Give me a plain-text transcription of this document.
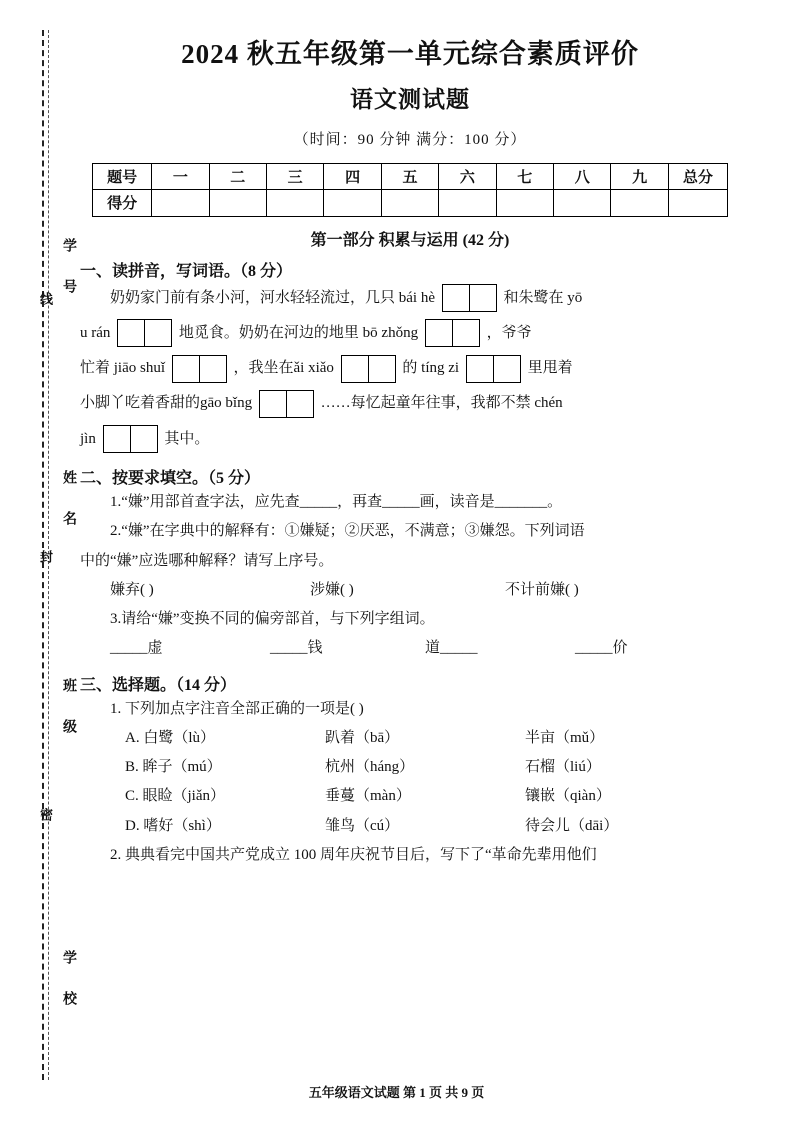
学 号
线
姓 名
封
班 级
密
学 校
2024 秋五年级第一单元综合素质评价
语文测试题
（时间：90 分钟 满分：100 分）
题号	一	二	三	四	五	六	七	八	九	总分
得分										
第一部分 积累与运用 (42 分)
一、读拼音，写词语。（8 分）
奶奶家门前有条小河，河水轻轻流过，几只 bái hè	和朱鹭在 yō
u rán	地觅食。奶奶在河边的地里 bō zhǒng	，爷爷
忙着 jiāo shuǐ	，我坐在ǎi xiǎo	的 tíng zi	里甩着
小脚丫吃着香甜的gāo bǐng	……每忆起童年往事，我都不禁 chén
jìn	其中。
二、按要求填空。（5 分）
1.“嫌”用部首查字法，应先查_____，再查_____画，读音是_______。
2.“嫌”在字典中的解释有：①嫌疑；②厌恶，不满意；③嫌怨。下列词语
中的“嫌”应选哪种解释？请写上序号。
嫌弃( )	涉嫌( )	不计前嫌( )
3.请给“嫌”变换不同的偏旁部首，与下列字组词。
_____虚	_____钱	道_____	_____价
三、选择题。（14 分）
1. 下列加点字注音全部正确的一项是( )
A. 白鹭（lù）	趴着（bā）	半亩（mǔ）
B. 眸子（mú）	杭州（háng）	石榴（liú）
C. 眼睑（jiǎn）	垂蔓（màn）	镶嵌（qiàn）
D. 嗜好（shì）	雏鸟（cú）	待会儿（dāi）
2. 典典看完中国共产党成立 100 周年庆祝节目后，写下了“革命先辈用他们
五年级语文试题 第 1 页 共 9 页
